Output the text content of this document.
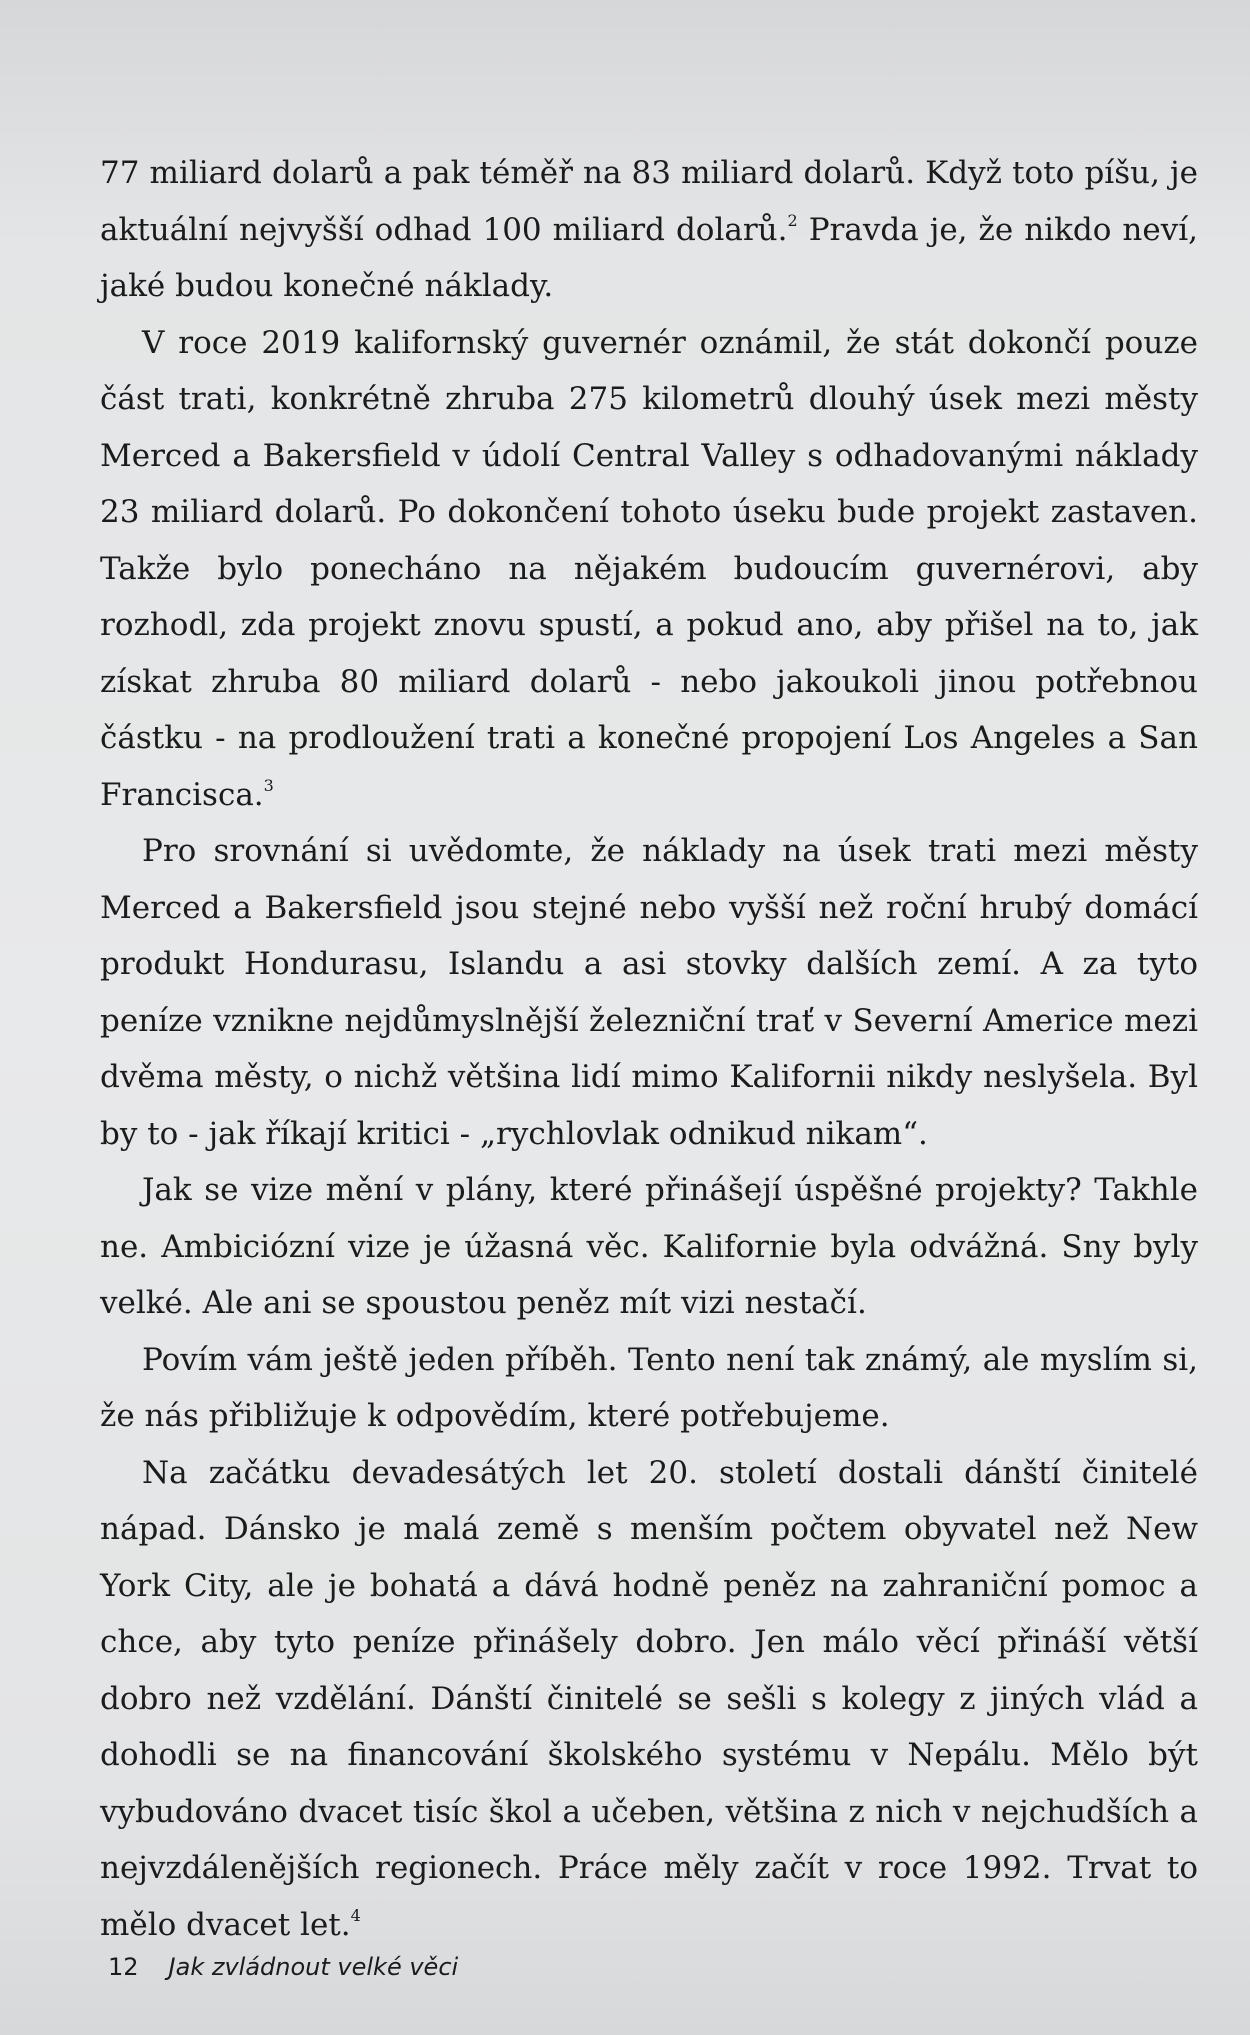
77 miliard dolarů a pak téměř na 83 miliard dolarů. Když toto píšu, je aktuální nejvyšší odhad 100 miliard dolarů.$^2$ Pravda je, že nikdo neví, jaké budou konečné náklady.

V roce 2019 kalifornský guvernér oznámil, že stát dokončí pouze část trati, konkrétně zhruba 275 kilometrů dlouhý úsek mezi městy Merced a Bakersfield v údolí Central Valley s odhadovanými náklady 23 miliard dolarů. Po dokončení tohoto úseku bude projekt zastaven. Takže bylo ponecháno na nějakém budoucím guvernérovi, aby rozhodl, zda projekt znovu spustí, a pokud ano, aby přišel na to, jak získat zhruba 80 miliard dolarů - nebo jakoukoli jinou potřebnou částku - na prodloužení trati a konečné propojení Los Angeles a San Francisca.$^3$

Pro srovnání si uvědomte, že náklady na úsek trati mezi městy Merced a Bakersfield jsou stejné nebo vyšší než roční hrubý domácí produkt Hondurasu, Islandu a asi stovky dalších zemí. A za tyto peníze vznikne nejdůmyslnější železniční trať v Severní Americe mezi dvěma městy, o nichž většina lidí mimo Kalifornii nikdy neslyšela. Byl by to - jak říkají kritici - „rychlovlak odnikud nikam“.

Jak se vize mění v plány, které přinášejí úspěšné projekty? Takhle ne. Ambiciózní vize je úžasná věc. Kalifornie byla odvážná. Sny byly velké. Ale ani se spoustou peněz mít vizi nestačí.

Povím vám ještě jeden příběh. Tento není tak známý, ale myslím si, že nás přibližuje k odpovědím, které potřebujeme.

Na začátku devadesátých let 20. století dostali dánští činitelé nápad. Dánsko je malá země s menším počtem obyvatel než New York City, ale je bohatá a dává hodně peněz na zahraniční pomoc a chce, aby tyto peníze přinášely dobro. Jen málo věcí přináší větší dobro než vzdělání. Dánští činitelé se sešli s kolegy z jiných vlád a dohodli se na financování školského systému v Nepálu. Mělo být vybudováno dvacet tisíc škol a učeben, většina z nich v nejchudších a nejvzdálenějších regionech. Práce měly začít v roce 1992. Trvat to mělo dvacet let.$^4$

12 Jak zvládnout velké věci
